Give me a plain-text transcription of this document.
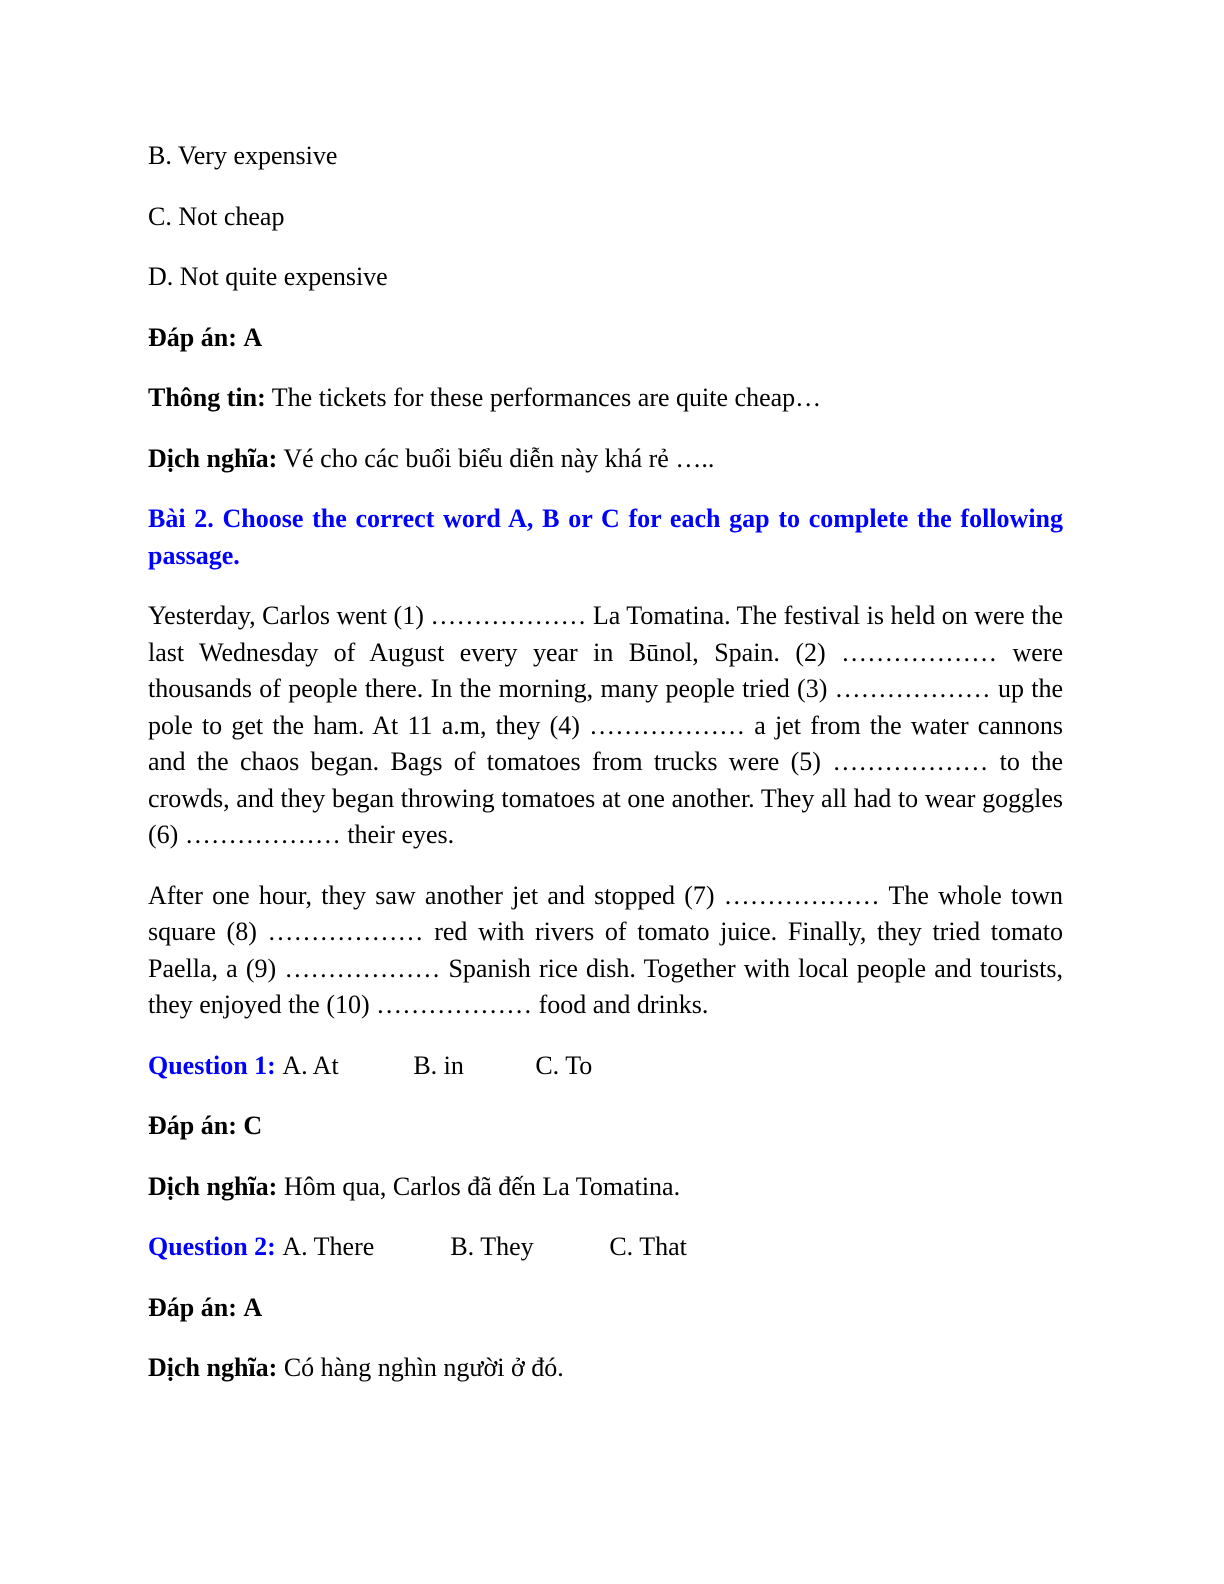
B. Very expensive
C. Not cheap
D. Not quite expensive
Đáp án: A
Thông tin: The tickets for these performances are quite cheap…
Dịch nghĩa: Vé cho các buổi biểu diễn này khá rẻ …..
Bài 2. Choose the correct word A, B or C for each gap to complete the following passage.
Yesterday, Carlos went (1) ……………… La Tomatina. The festival is held on were the last Wednesday of August every year in Būnol, Spain. (2) ……………… were thousands of people there. In the morning, many people tried (3) ……………… up the pole to get the ham. At 11 a.m, they (4) ……………… a jet from the water cannons and the chaos began. Bags of tomatoes from trucks were (5) ……………… to the crowds, and they began throwing tomatoes at one another. They all had to wear goggles (6) ……………… their eyes.
After one hour, they saw another jet and stopped (7) ……………… The whole town square (8) ……………… red with rivers of tomato juice. Finally, they tried tomato Paella, a (9) ……………… Spanish rice dish. Together with local people and tourists, they enjoyed the (10) ……………… food and drinks.
Question 1: A. At	B. in	C. To
Đáp án: C
Dịch nghĩa: Hôm qua, Carlos đã đến La Tomatina.
Question 2: A. There	B. They	C. That
Đáp án: A
Dịch nghĩa: Có hàng nghìn người ở đó.
